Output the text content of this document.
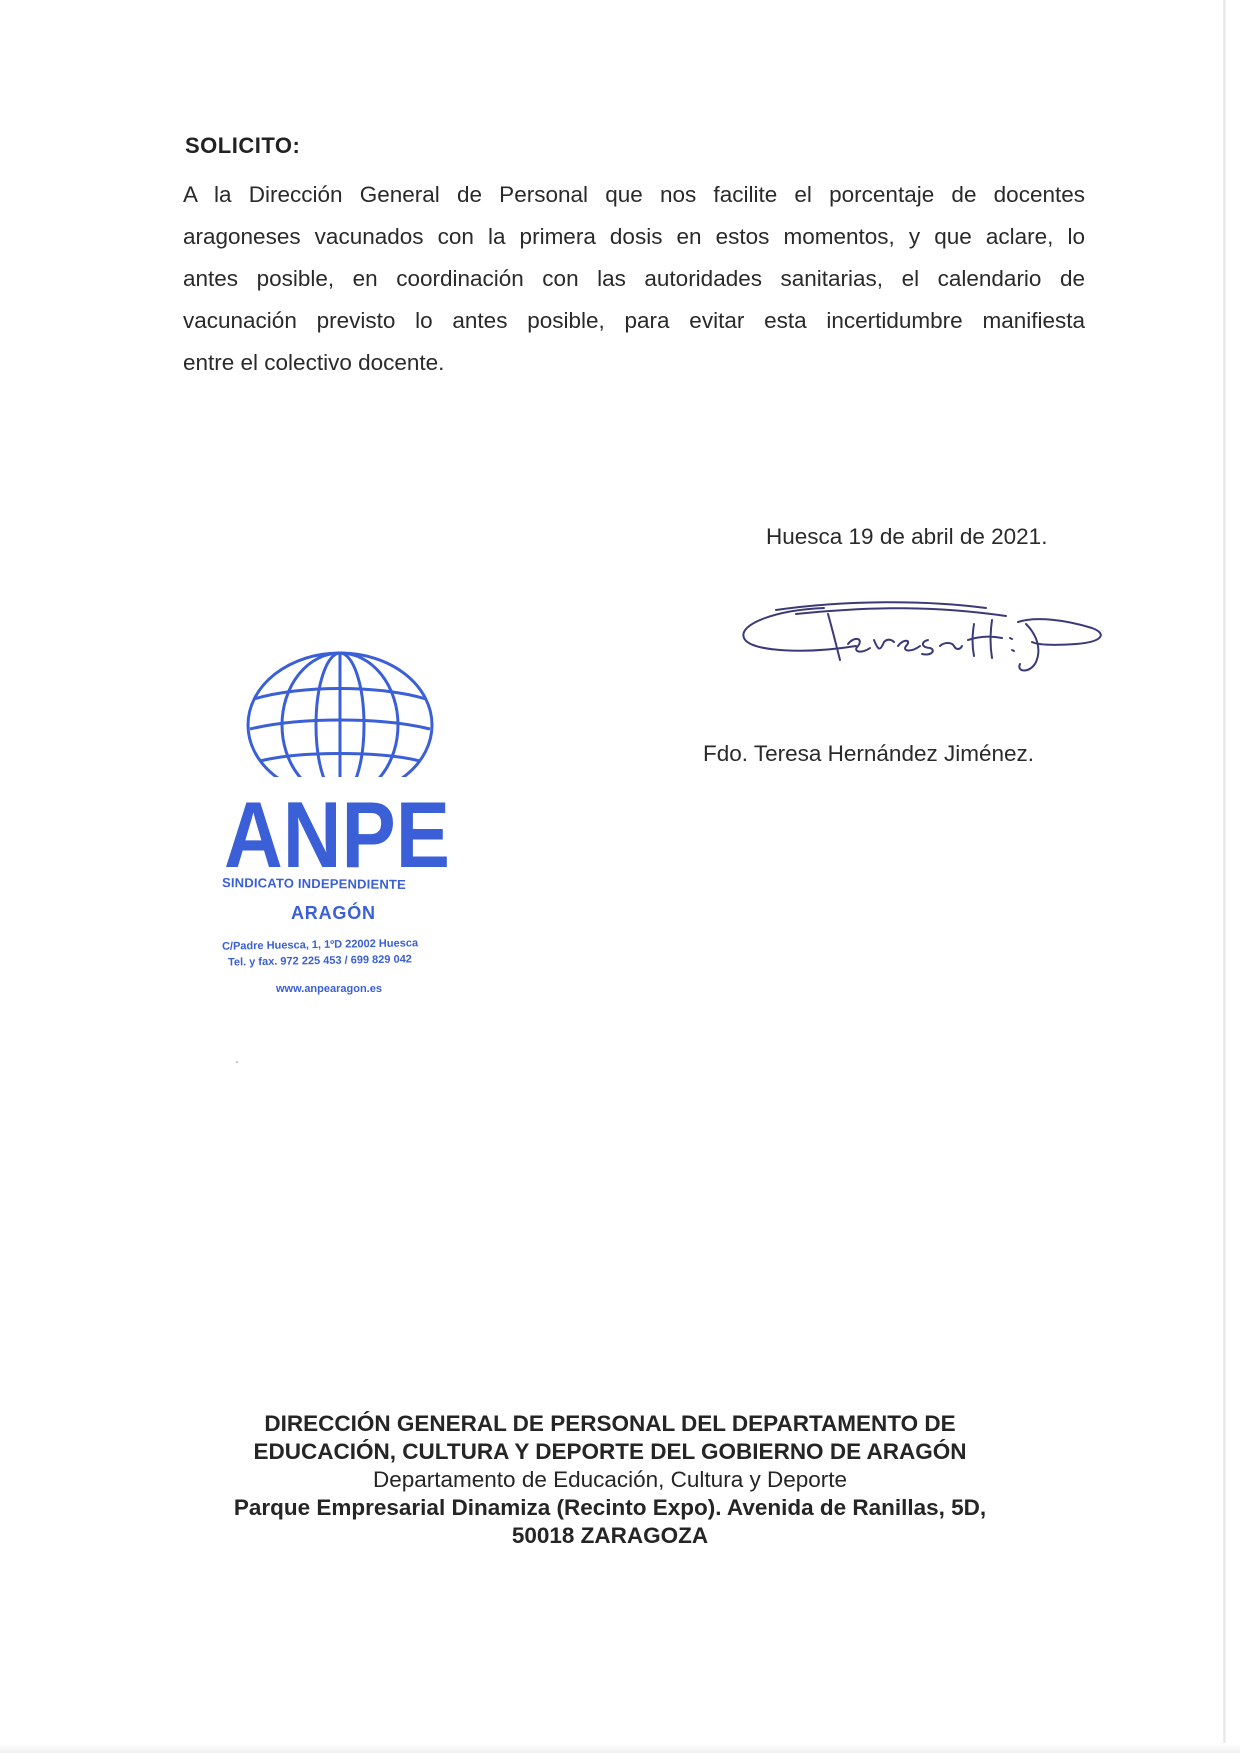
SOLICITO:
A la Dirección General de Personal que nos facilite el porcentaje de docentes
aragoneses vacunados con la primera dosis en estos momentos, y que aclare, lo
antes posible, en coordinación con las autoridades sanitarias, el calendario de
vacunación previsto lo antes posible, para evitar esta incertidumbre manifiesta
entre el colectivo docente.
Huesca 19 de abril de 2021.
Fdo. Teresa Hernández Jiménez.
ANPE
SINDICATO INDEPENDIENTE
ARAGÓN
C/Padre Huesca, 1, 1ºD 22002 Huesca
Tel. y fax. 972 225 453 / 699 829 042
www.anpearagon.es
DIRECCIÓN GENERAL DE PERSONAL DEL DEPARTAMENTO DE
EDUCACIÓN, CULTURA Y DEPORTE DEL GOBIERNO DE ARAGÓN
Departamento de Educación, Cultura y Deporte
Parque Empresarial Dinamiza (Recinto Expo). Avenida de Ranillas, 5D,
50018 ZARAGOZA
